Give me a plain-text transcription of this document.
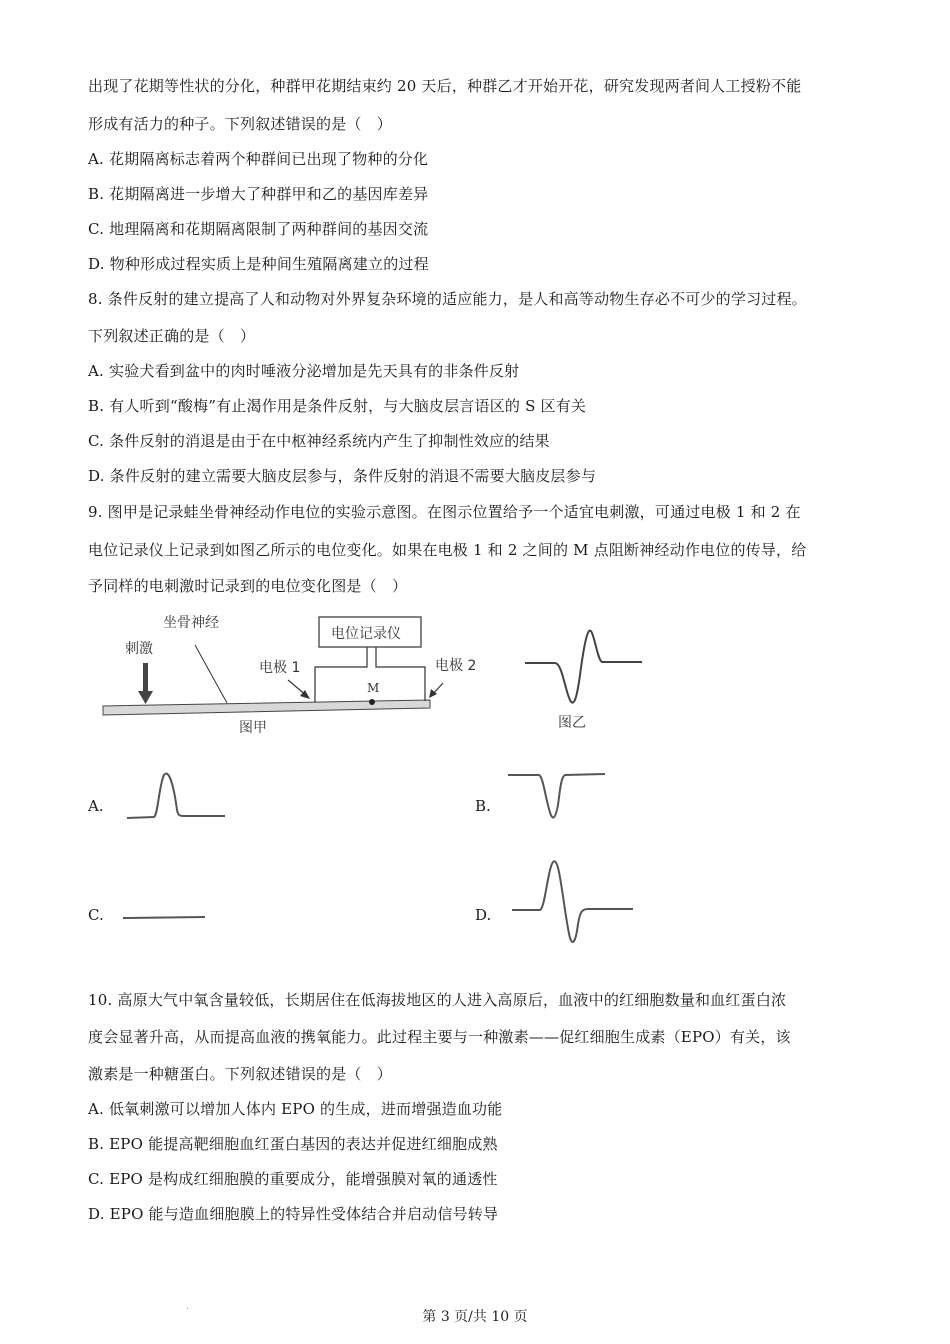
出现了花期等性状的分化，种群甲花期结束约 20 天后，种群乙才开始开花，研究发现两者间人工授粉不能
形成有活力的种子。下列叙述错误的是（　）
A. 花期隔离标志着两个种群间已出现了物种的分化
B. 花期隔离进一步增大了种群甲和乙的基因库差异
C. 地理隔离和花期隔离限制了两种群间的基因交流
D. 物种形成过程实质上是种间生殖隔离建立的过程
8. 条件反射的建立提高了人和动物对外界复杂环境的适应能力，是人和高等动物生存必不可少的学习过程。
下列叙述正确的是（　）
A. 实验犬看到盆中的肉时唾液分泌增加是先天具有的非条件反射
B. 有人听到“酸梅”有止渴作用是条件反射，与大脑皮层言语区的 S 区有关
C. 条件反射的消退是由于在中枢神经系统内产生了抑制性效应的结果
D. 条件反射的建立需要大脑皮层参与，条件反射的消退不需要大脑皮层参与
9. 图甲是记录蛙坐骨神经动作电位的实验示意图。在图示位置给予一个适宜电刺激，可通过电极 1 和 2 在
电位记录仪上记录到如图乙所示的电位变化。如果在电极 1 和 2 之间的 M 点阻断神经动作电位的传导，给
予同样的电刺激时记录到的电位变化图是（　）
刺激
坐骨神经
电位记录仪
电极 1	电极 2
M
图甲	图乙
A.	B.
C.	D.
10. 高原大气中氧含量较低，长期居住在低海拔地区的人进入高原后，血液中的红细胞数量和血红蛋白浓
度会显著升高，从而提高血液的携氧能力。此过程主要与一种激素——促红细胞生成素（EPO）有关，该
激素是一种糖蛋白。下列叙述错误的是（　）
A. 低氧刺激可以增加人体内 EPO 的生成，进而增强造血功能
B. EPO 能提高靶细胞血红蛋白基因的表达并促进红细胞成熟
C. EPO 是构成红细胞膜的重要成分，能增强膜对氧的通透性
D. EPO 能与造血细胞膜上的特异性受体结合并启动信号转导
第 3 页/共 10 页
